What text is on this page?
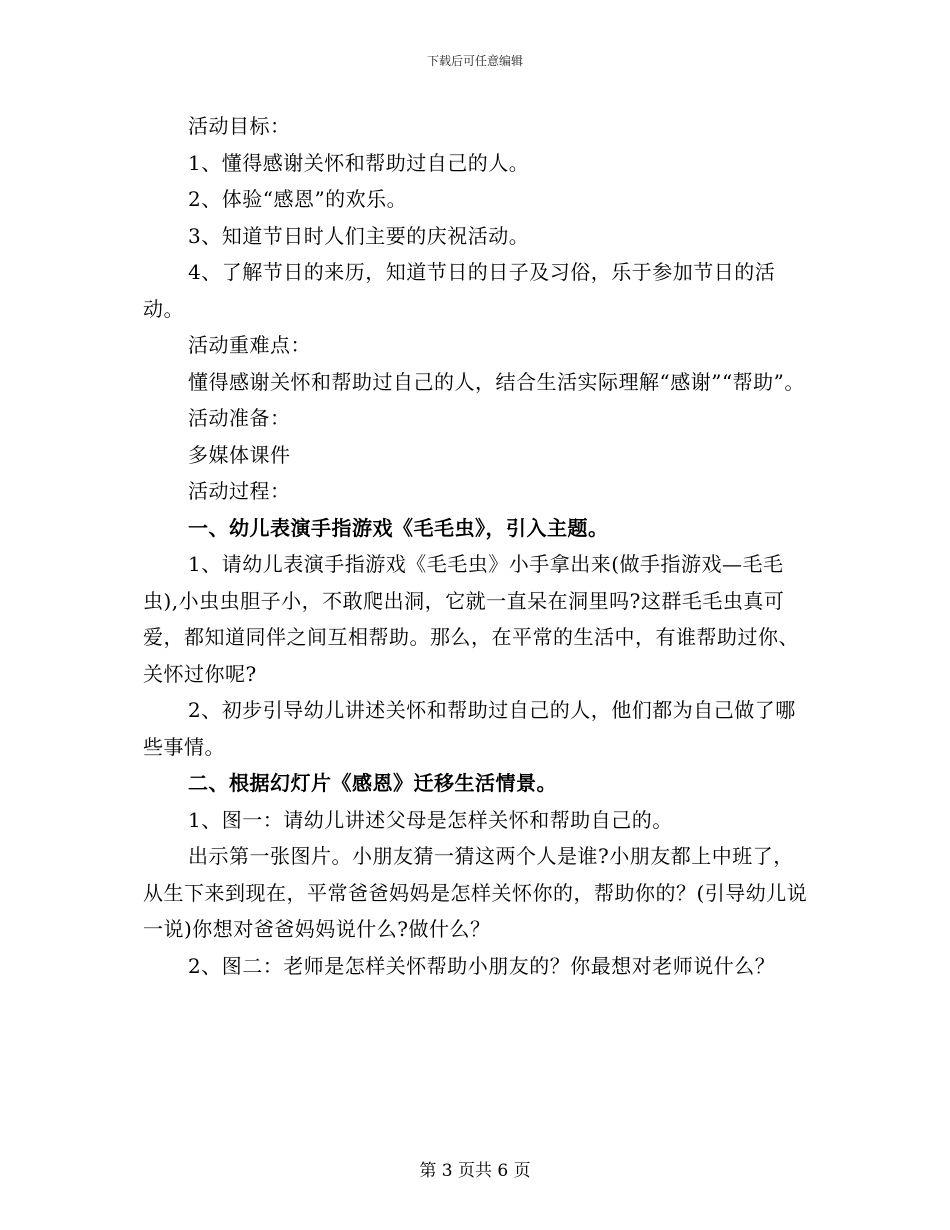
下载后可任意编辑

活动目标：

1、懂得感谢关怀和帮助过自己的人。

2、体验“感恩”的欢乐。

3、知道节日时人们主要的庆祝活动。

4、了解节日的来历，知道节日的日子及习俗，乐于参加节日的活动。

活动重难点：

懂得感谢关怀和帮助过自己的人，结合生活实际理解“感谢”“帮助”。

活动准备：

多媒体课件

活动过程：

一、幼儿表演手指游戏《毛毛虫》，引入主题。

1、请幼儿表演手指游戏《毛毛虫》小手拿出来(做手指游戏—毛毛虫),小虫虫胆子小，不敢爬出洞，它就一直呆在洞里吗?这群毛毛虫真可爱，都知道同伴之间互相帮助。那么，在平常的生活中，有谁帮助过你、关怀过你呢?

2、初步引导幼儿讲述关怀和帮助过自己的人，他们都为自己做了哪些事情。

二、根据幻灯片《感恩》迁移生活情景。

1、图一：请幼儿讲述父母是怎样关怀和帮助自己的。

出示第一张图片。小朋友猜一猜这两个人是谁?小朋友都上中班了，从生下来到现在，平常爸爸妈妈是怎样关怀你的，帮助你的？(引导幼儿说一说)你想对爸爸妈妈说什么?做什么？

2、图二：老师是怎样关怀帮助小朋友的？你最想对老师说什么？

第 3 页共 6 页
